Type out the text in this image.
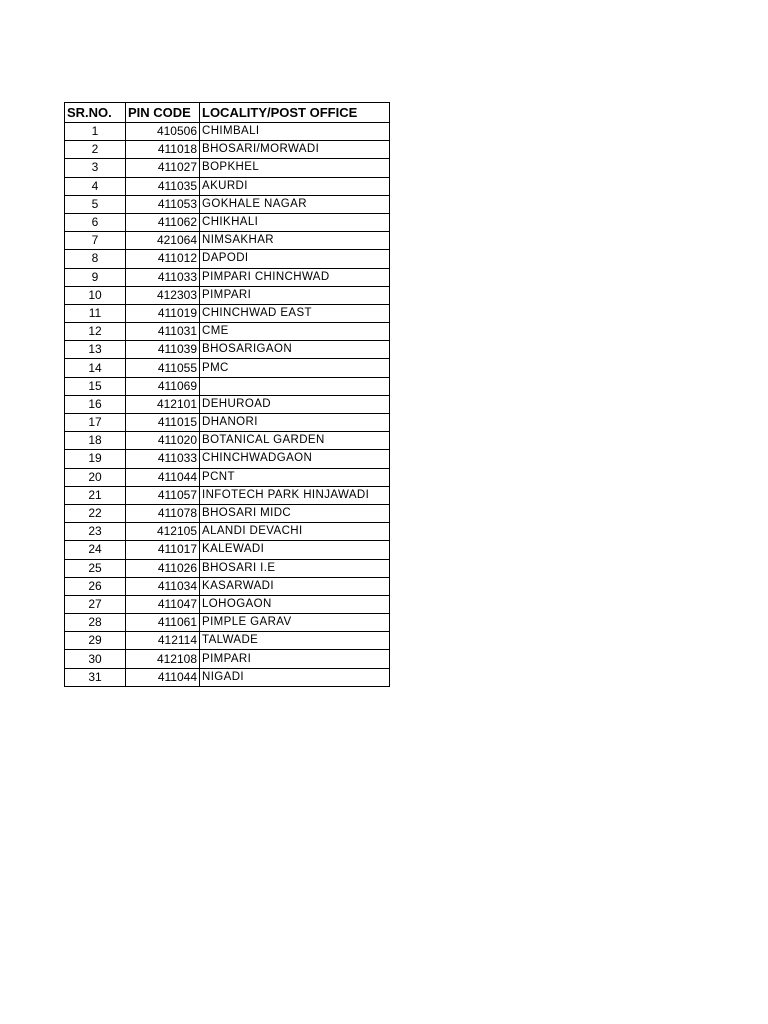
SR.NO.	PIN CODE	LOCALITY/POST OFFICE
1	410506	CHIMBALI
2	411018	BHOSARI/MORWADI
3	411027	BOPKHEL
4	411035	AKURDI
5	411053	GOKHALE NAGAR
6	411062	CHIKHALI
7	421064	NIMSAKHAR
8	411012	DAPODI
9	411033	PIMPARI CHINCHWAD
10	412303	PIMPARI
11	411019	CHINCHWAD EAST
12	411031	CME
13	411039	BHOSARIGAON
14	411055	PMC
15	411069	
16	412101	DEHUROAD
17	411015	DHANORI
18	411020	BOTANICAL GARDEN
19	411033	CHINCHWADGAON
20	411044	PCNT
21	411057	INFOTECH PARK HINJAWADI
22	411078	BHOSARI MIDC
23	412105	ALANDI DEVACHI
24	411017	KALEWADI
25	411026	BHOSARI I.E
26	411034	KASARWADI
27	411047	LOHOGAON
28	411061	PIMPLE GARAV
29	412114	TALWADE
30	412108	PIMPARI
31	411044	NIGADI
